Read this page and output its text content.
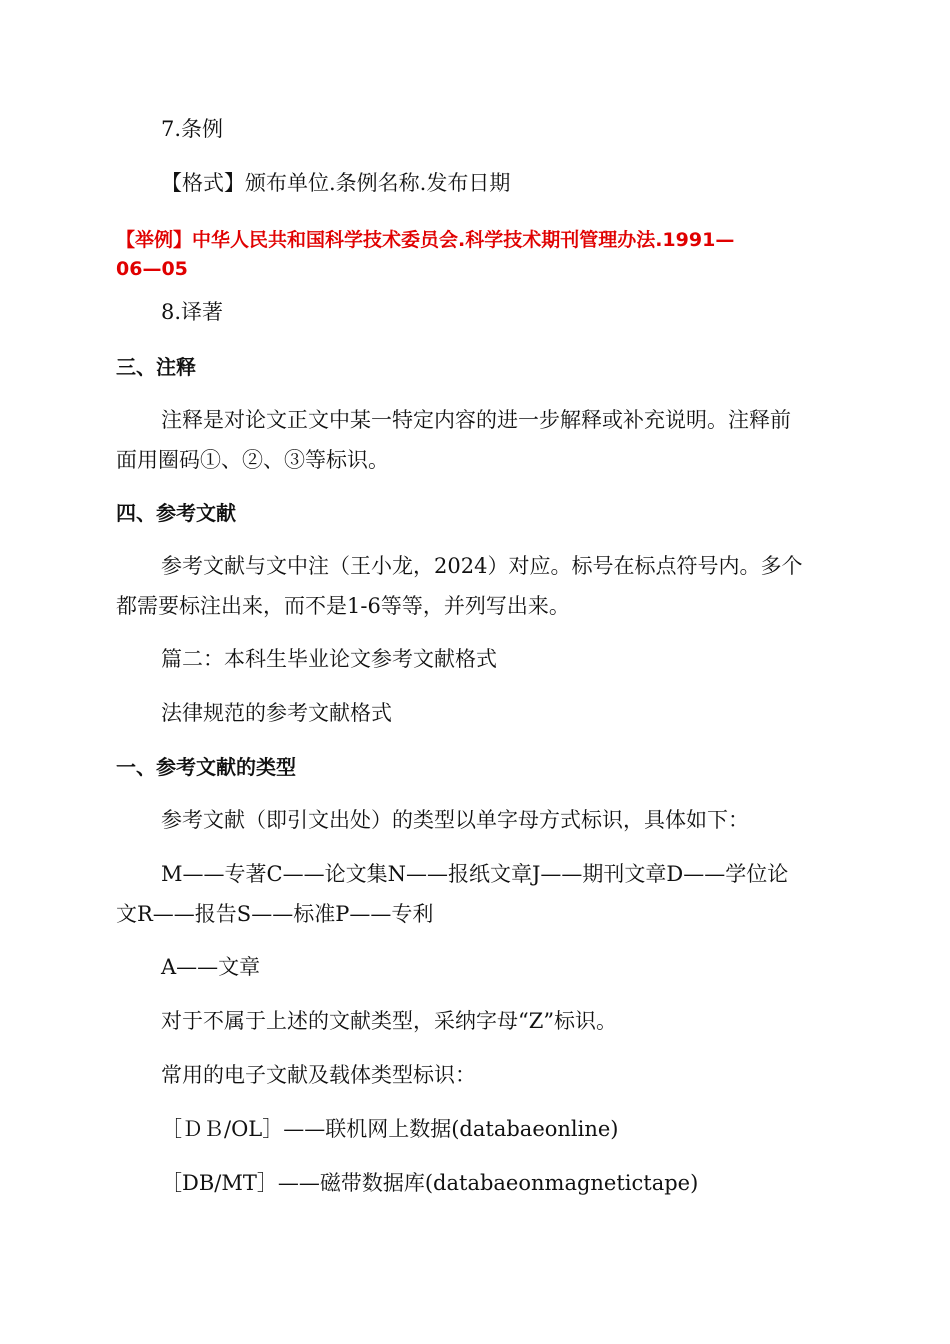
7.条例
【格式】颁布单位.条例名称.发布日期
【举例】中华人民共和国科学技术委员会.科学技术期刊管理办法.1991—
06—05
8.译著
三、注释
注释是对论文正文中某一特定内容的进一步解释或补充说明。注释前
面用圈码①、②、③等标识。
四、参考文献
参考文献与文中注（王小龙，2024）对应。标号在标点符号内。多个
都需要标注出来，而不是1-6等等，并列写出来。
篇二：本科生毕业论文参考文献格式
法律规范的参考文献格式
一、参考文献的类型
参考文献（即引文出处）的类型以单字母方式标识，具体如下：
M——专著C——论文集N——报纸文章J——期刊文章D——学位论
文R——报告S——标准P——专利
A——文章
对于不属于上述的文献类型，采纳字母“Z”标识。
常用的电子文献及载体类型标识：
［ＤＢ/OL］——联机网上数据(databaeonline)
［DB/MT］——磁带数据库(databaeonmagnetictape)
